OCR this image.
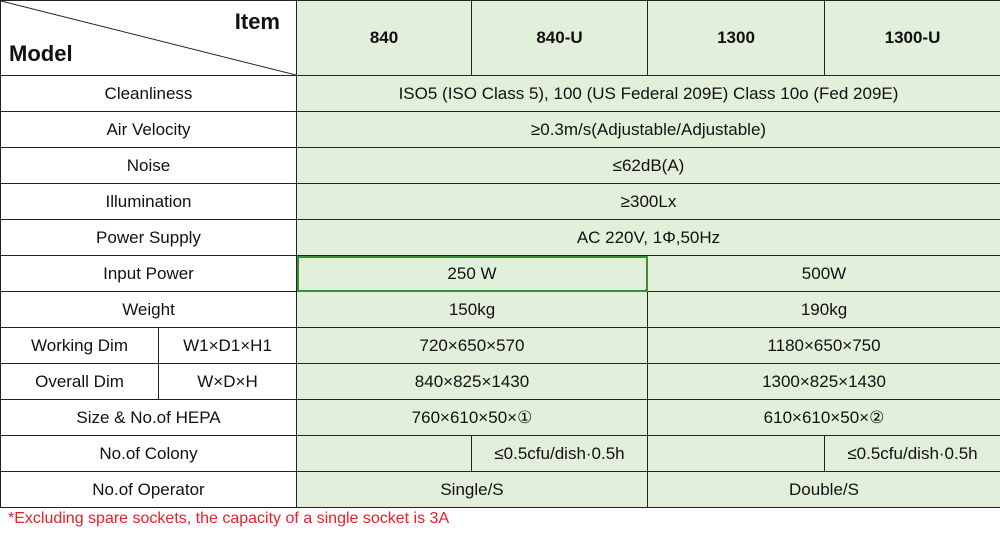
Item
Model		840	840-U	1300	1300-U
Cleanliness		ISO5 (ISO Class 5), 100 (US Federal 209E) Class 10o (Fed 209E)			
Air Velocity		≥0.3m/s(Adjustable/Adjustable)			
Noise		≤62dB(A)			
Illumination		≥300Lx			
Power Supply		AC 220V, 1Φ,50Hz			
Input Power		250 W		500W	
Weight		150kg		190kg	
Working Dim	W1×D1×H1	720×650×570		1180×650×750	
Overall Dim	W×D×H	840×825×1430		1300×825×1430	
Size & No.of HEPA		760×610×50×①		610×610×50×②	
No.of Colony			≤0.5cfu/dish·0.5h		≤0.5cfu/dish·0.5h
No.of Operator		Single/S		Double/S	
*Excluding spare sockets, the capacity of a single socket is 3A
